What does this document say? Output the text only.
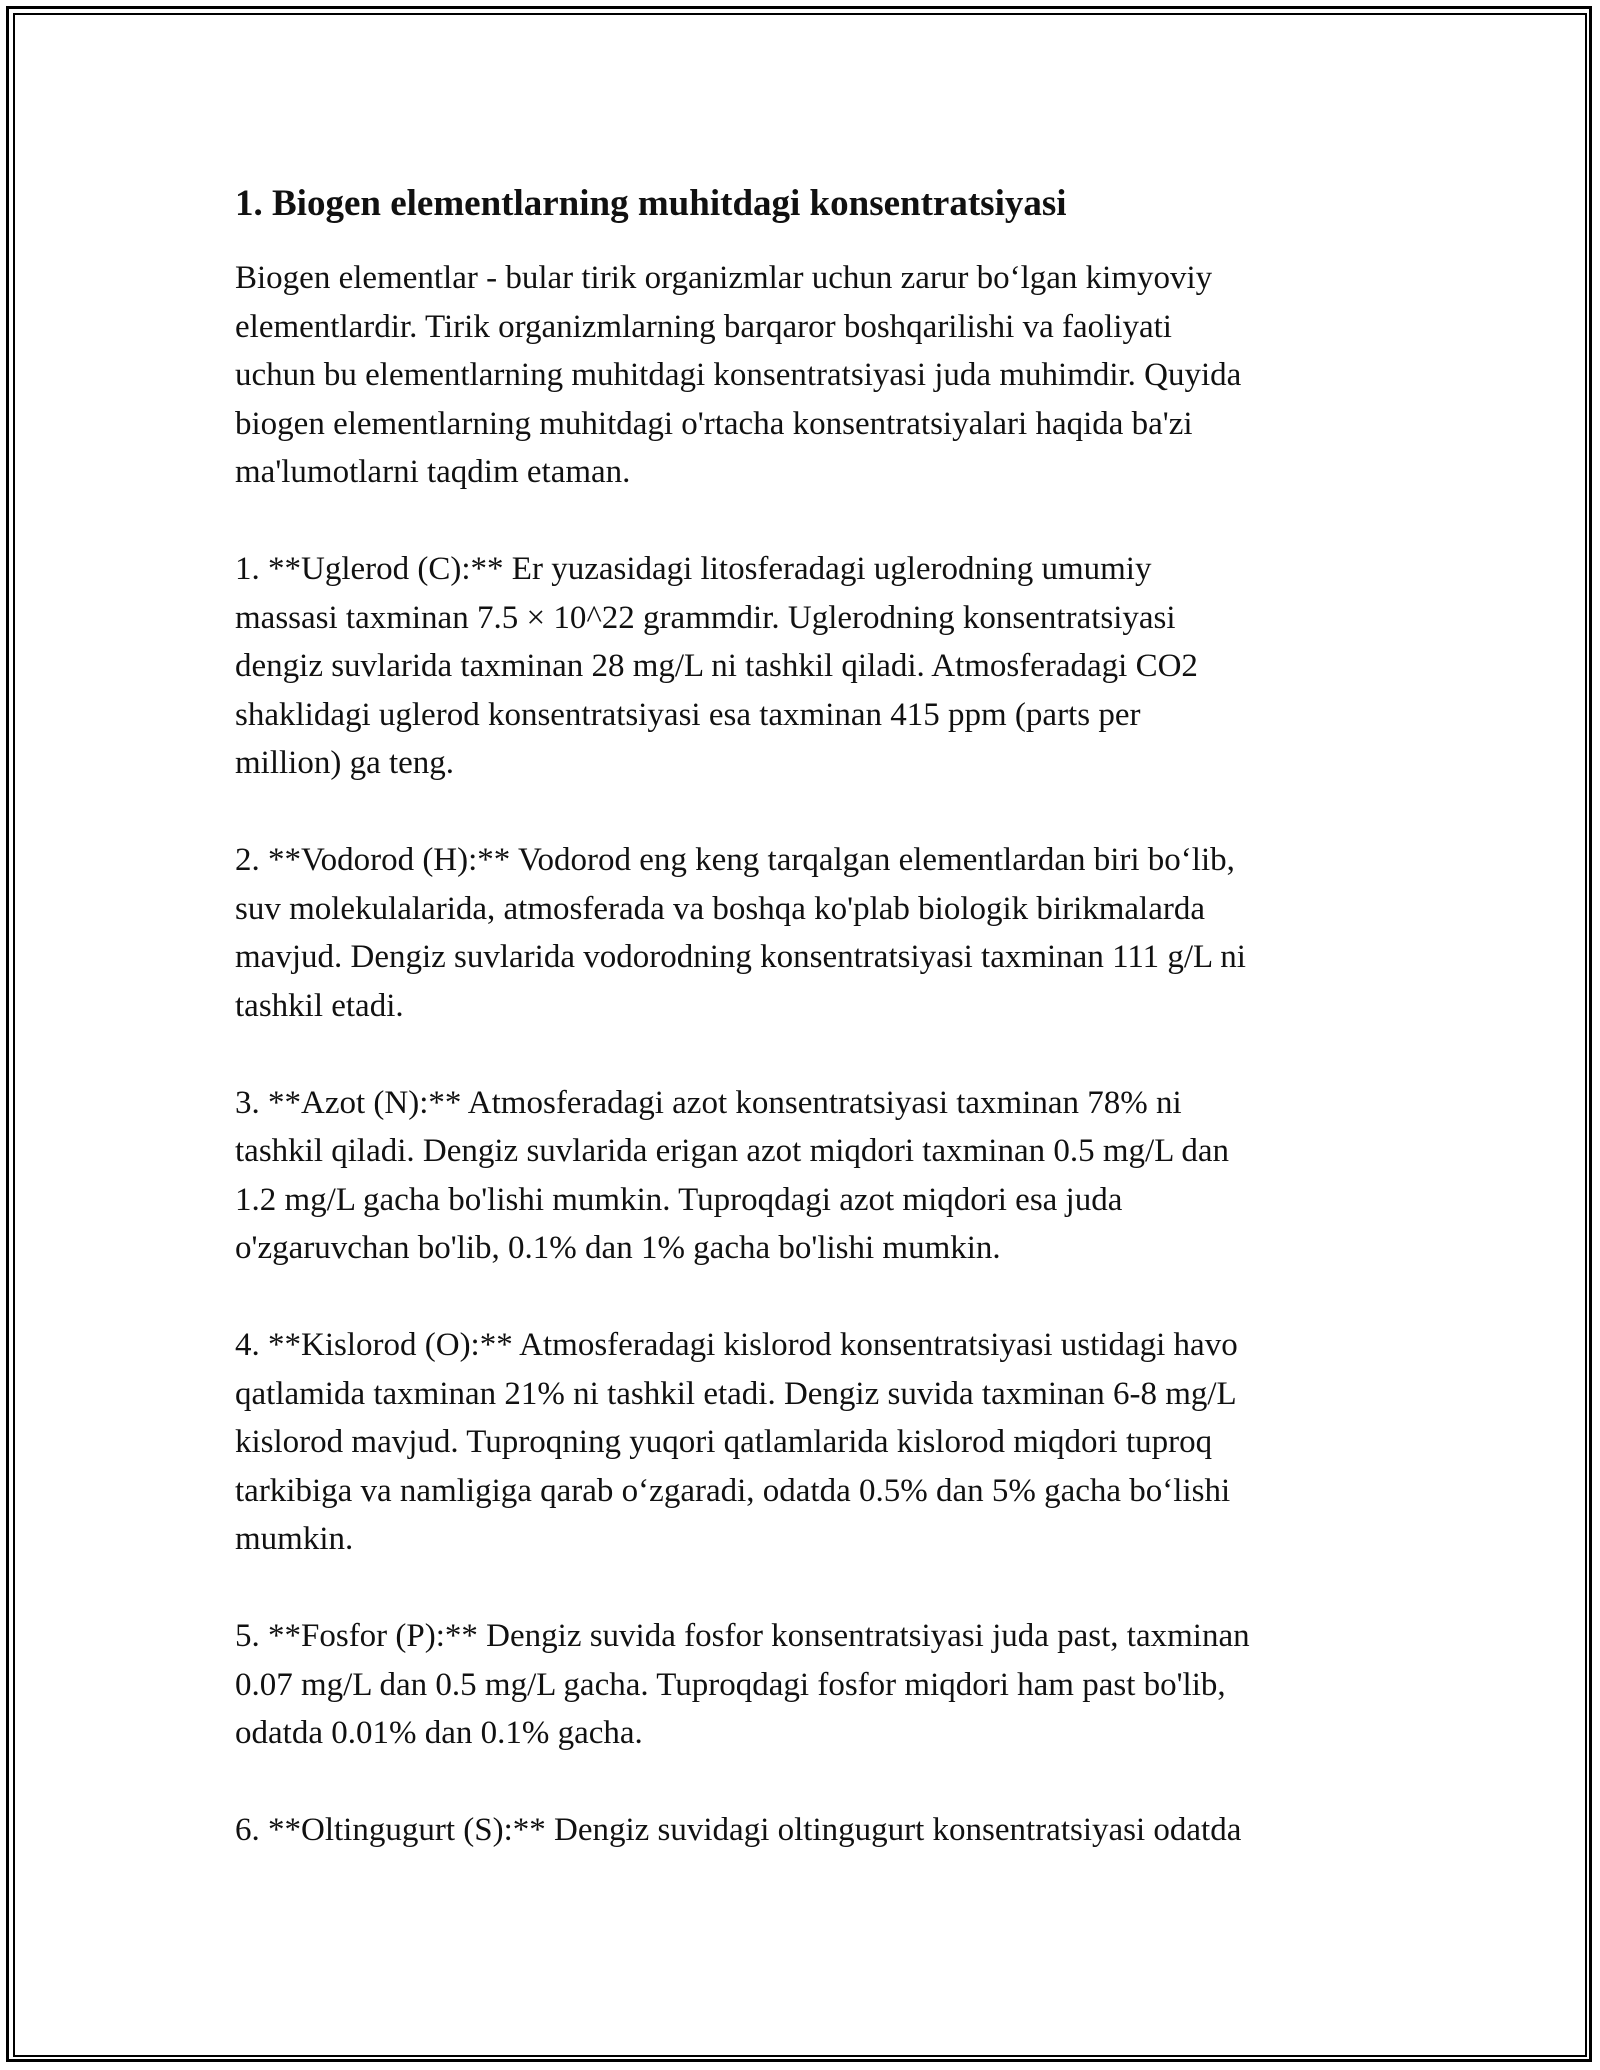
1. Biogen elementlarning muhitdagi konsentratsiyasi

Biogen elementlar - bular tirik organizmlar uchun zarur bo‘lgan kimyoviy
elementlardir. Tirik organizmlarning barqaror boshqarilishi va faoliyati
uchun bu elementlarning muhitdagi konsentratsiyasi juda muhimdir. Quyida
biogen elementlarning muhitdagi o'rtacha konsentratsiyalari haqida ba'zi
ma'lumotlarni taqdim etaman.

1. **Uglerod (C):** Er yuzasidagi litosferadagi uglerodning umumiy
massasi taxminan 7.5 × 10^22 grammdir. Uglerodning konsentratsiyasi
dengiz suvlarida taxminan 28 mg/L ni tashkil qiladi. Atmosferadagi CO2
shaklidagi uglerod konsentratsiyasi esa taxminan 415 ppm (parts per
million) ga teng.

2. **Vodorod (H):** Vodorod eng keng tarqalgan elementlardan biri bo‘lib,
suv molekulalarida, atmosferada va boshqa ko'plab biologik birikmalarda
mavjud. Dengiz suvlarida vodorodning konsentratsiyasi taxminan 111 g/L ni
tashkil etadi.

3. **Azot (N):** Atmosferadagi azot konsentratsiyasi taxminan 78% ni
tashkil qiladi. Dengiz suvlarida erigan azot miqdori taxminan 0.5 mg/L dan
1.2 mg/L gacha bo'lishi mumkin. Tuproqdagi azot miqdori esa juda
o'zgaruvchan bo'lib, 0.1% dan 1% gacha bo'lishi mumkin.

4. **Kislorod (O):** Atmosferadagi kislorod konsentratsiyasi ustidagi havo
qatlamida taxminan 21% ni tashkil etadi. Dengiz suvida taxminan 6-8 mg/L
kislorod mavjud. Tuproqning yuqori qatlamlarida kislorod miqdori tuproq
tarkibiga va namligiga qarab o‘zgaradi, odatda 0.5% dan 5% gacha bo‘lishi
mumkin.

5. **Fosfor (P):** Dengiz suvida fosfor konsentratsiyasi juda past, taxminan
0.07 mg/L dan 0.5 mg/L gacha. Tuproqdagi fosfor miqdori ham past bo'lib,
odatda 0.01% dan 0.1% gacha.

6. **Oltingugurt (S):** Dengiz suvidagi oltingugurt konsentratsiyasi odatda
